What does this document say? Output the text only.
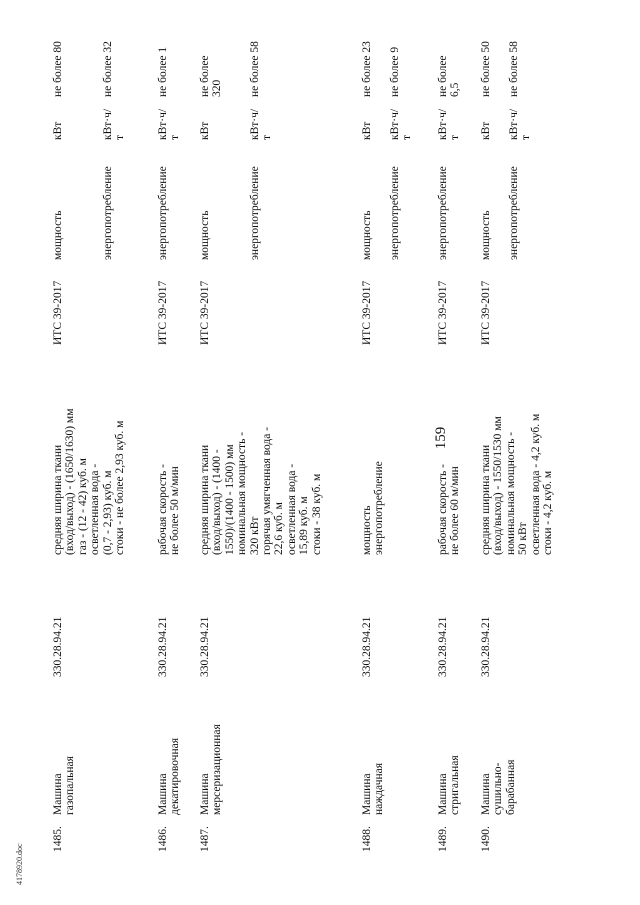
159
4178920.doc
1485.
Машина
газопальная
330.28.94.21
средняя ширина ткани
(вход/выход) - (1650/1630) мм
газ - (12 - 42) куб. м
осветленная вода -
(0,7 - 2,93) куб. м
стоки - не более 2,93 куб. м
ИТС 39-2017
мощность
кВт
не более 80
энергопотребление
кВт·ч/
т
не более 32
1486.
Машина
декатировочная
330.28.94.21
рабочая скорость -
не более 50 м/мин
ИТС 39-2017
энергопотребление
кВт·ч/
т
не более 1
1487.
Машина
мерсеризационная
330.28.94.21
средняя ширина ткани
(вход/выход) - (1400 -
1550)/(1400 - 1500) мм
номинальная мощность -
320 кВт
горячая умягченная вода -
22,6 куб. м
осветленная вода -
15,89 куб. м
стоки - 38 куб. м
ИТС 39-2017
мощность
кВт
не более
320
энергопотребление
кВт·ч/
т
не более 58
1488.
Машина
наждачная
330.28.94.21
мощность
энергопотребление
ИТС 39-2017
мощность
кВт
не более 23
энергопотребление
кВт·ч/
т
не более 9
1489.
Машина
стригальная
330.28.94.21
рабочая скорость -
не более 60 м/мин
ИТС 39-2017
энергопотребление
кВт·ч/
т
не более
6,5
1490.
Машина
сушильно-
барабанная
330.28.94.21
средняя ширина ткани
(вход/выход) - 1550/1530 мм
номинальная мощность -
50 кВт
осветленная вода - 4,2 куб. м
стоки - 4,2 куб. м
ИТС 39-2017
мощность
кВт
не более 50
энергопотребление
кВт·ч/
т
не более 58
